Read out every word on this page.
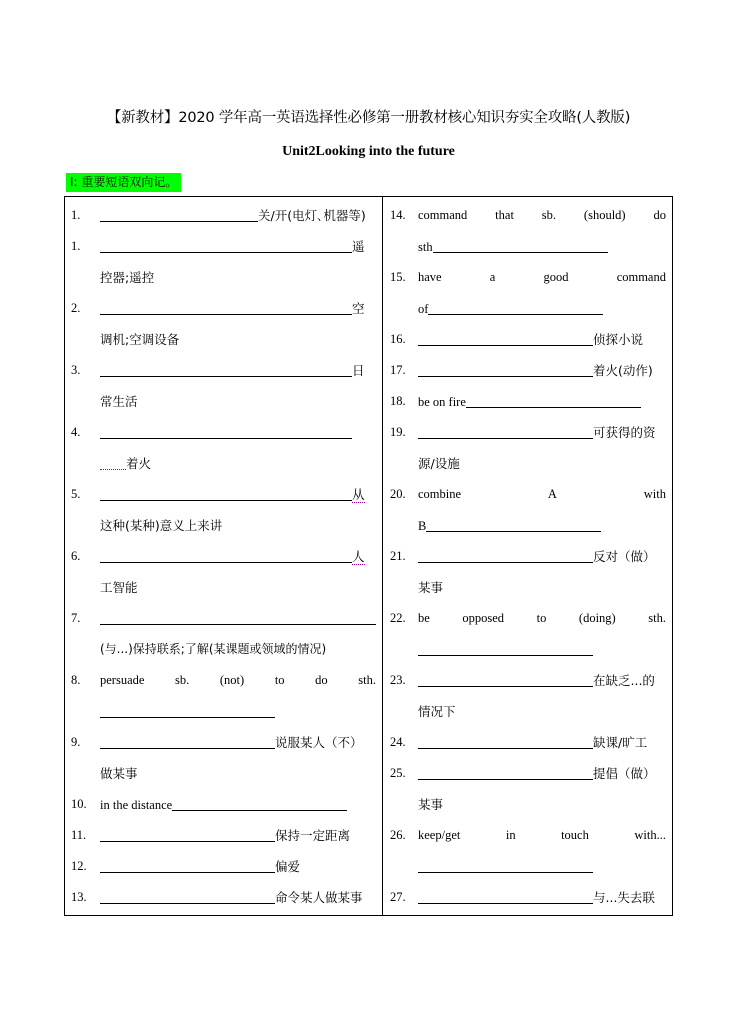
【新教材】2020 学年高一英语选择性必修第一册教材核心知识夯实全攻略(人教版)
Unit2Looking into the future
Ⅰ: 重要短语双向记。
1.	关/开(电灯､机器等)
1.	遥
控器;遥控
2.	空
调机;空调设备
3.	日
常生活
4.
着火
5.	从
这种(某种)意义上来讲
6.	人
工智能
7.
(与...)保持联系;了解(某课题或领域的情况)
8.	persuade sb. (not) to do sth.
9.	说服某人（不）
做某事
10.	in the distance
11.	保持一定距离
12.	偏爱
13.	命令某人做某事
14. command that sb. (should) do
sth
15. have	a	good	command
of
16.	侦探小说
17.	着火(动作)
18. be on fire
19.	可获得的资
源/设施
20. combine	A	with
B
21.	反对（做）
某事
22. be	opposed	to	(doing)	sth.
23.	在缺乏...的
情况下
24.	缺课/旷工
25.	提倡（做）
某事
26. keep/get	in	touch	with...
27.	与...失去联
